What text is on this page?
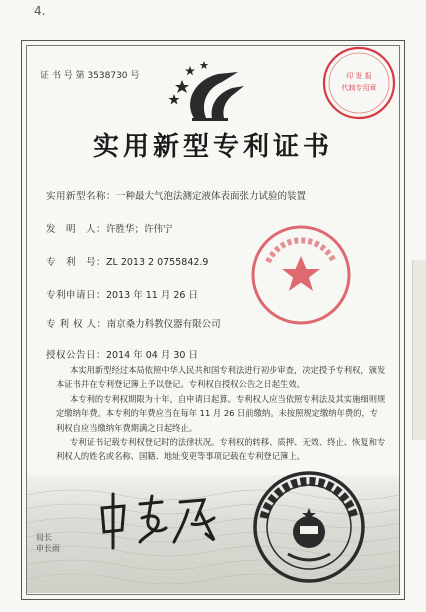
4.
证 书 号 第 3538730 号
实用新型专利证书
实用新型名称：一种最大气泡法测定液体表面张力试验的装置
发　明　人：许胜华；许伟宁
专　利　号：ZL 2013 2 0755842.9
专利申请日：2013 年 11 月 26 日
专 利 权 人：南京桑力科教仪器有限公司
授权公告日：2014 年 04 月 30 日

本实用新型经过本局依照中华人民共和国专利法进行初步审查，决定授予专利权，颁发本证书并在专利登记簿上予以登记。专利权自授权公告之日起生效。

本专利的专利权期限为十年，自申请日起算。专利权人应当依照专利法及其实施细则规定缴纳年费。本专利的年费应当在每年 11 月 26 日前缴纳。未按照规定缴纳年费的，专利权自应当缴纳年费期满之日起终止。

专利证书记载专利权登记时的法律状况。专利权的转移、质押、无效、终止、恢复和专利权人的姓名或名称、国籍、地址变更等事项记载在专利登记簿上。

局长
申长雨
印 发 报
代制专用章
